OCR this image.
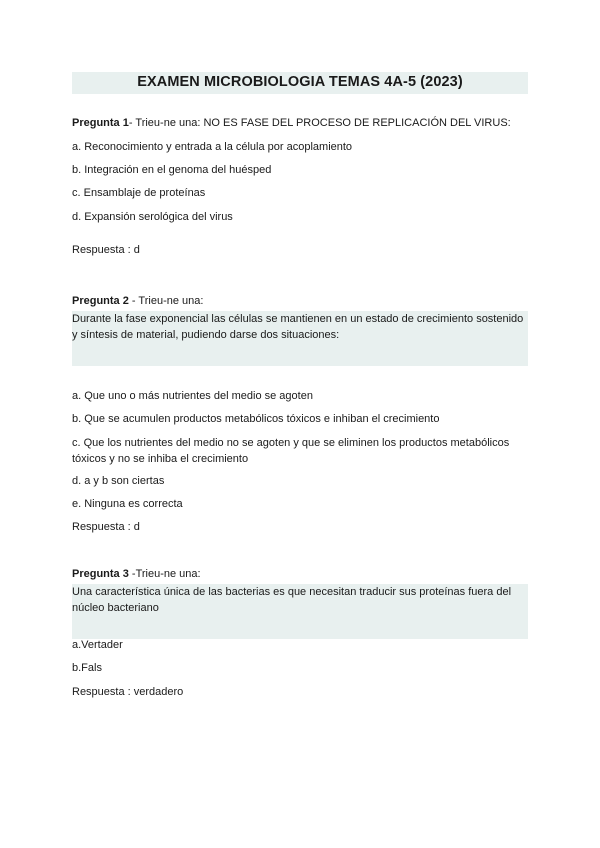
EXAMEN MICROBIOLOGIA TEMAS 4A-5 (2023)
Pregunta 1- Trieu-ne una: NO ES FASE DEL PROCESO DE REPLICACIÓN DEL VIRUS:
a. Reconocimiento y entrada a la célula por acoplamiento
b. Integración en el genoma del huésped
c. Ensamblaje de proteínas
d. Expansión serológica del virus
Respuesta : d
Pregunta 2 - Trieu-ne una:
Durante la fase exponencial las células se mantienen en un estado de crecimiento sostenido y síntesis de material, pudiendo darse dos situaciones:
a. Que uno o más nutrientes del medio se agoten
b. Que se acumulen productos metabólicos tóxicos e inhiban el crecimiento
c. Que los nutrientes del medio no se agoten y que se eliminen los productos metabólicos tóxicos y no se inhiba el crecimiento
d. a y b son ciertas
e. Ninguna es correcta
Respuesta : d
Pregunta 3 -Trieu-ne una:
Una característica única de las bacterias es que necesitan traducir sus proteínas fuera del núcleo bacteriano
a.Vertader
b.Fals
Respuesta : verdadero
